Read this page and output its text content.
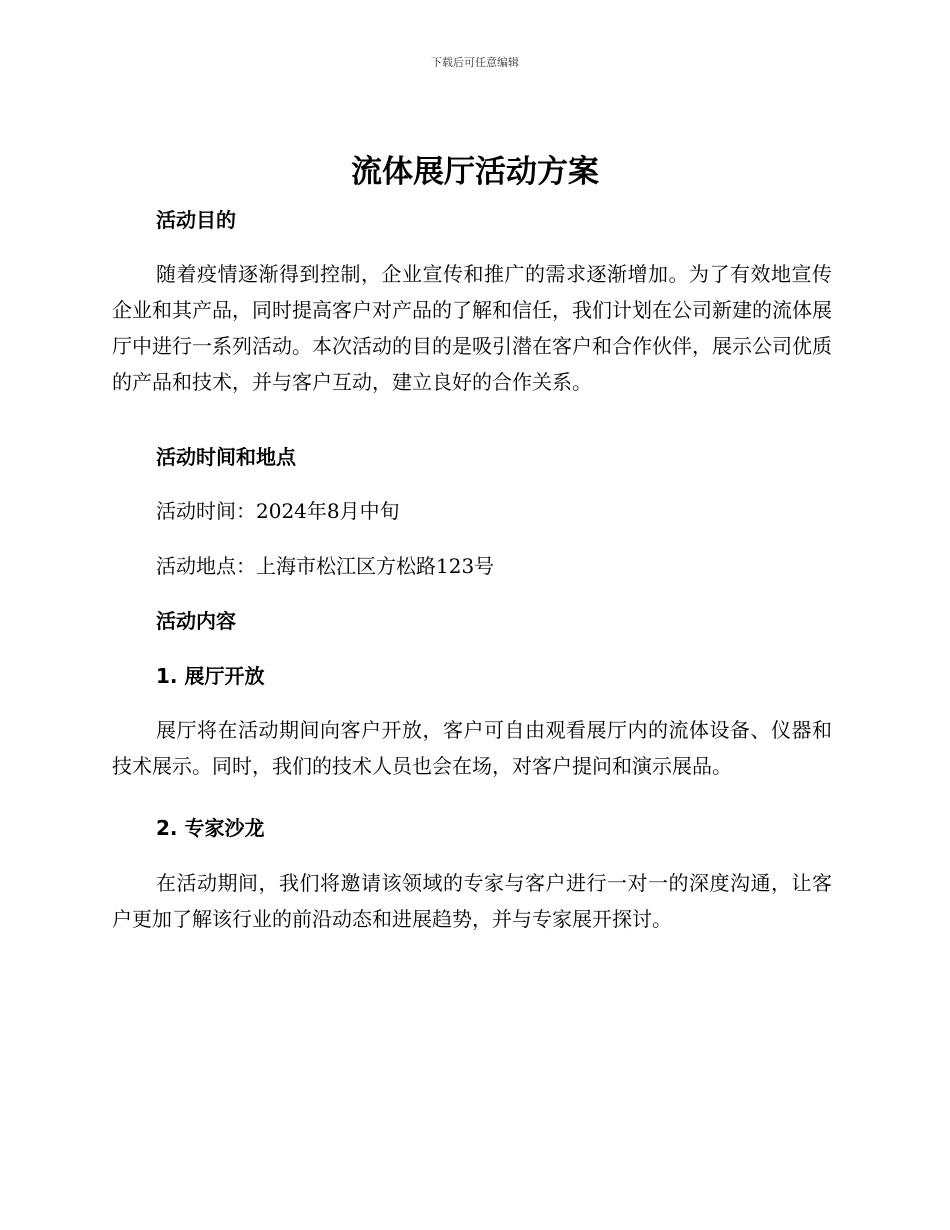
下载后可任意编辑
流体展厅活动方案
活动目的

随着疫情逐渐得到控制，企业宣传和推广的需求逐渐增加。为了有效地宣传企业和其产品，同时提高客户对产品的了解和信任，我们计划在公司新建的流体展厅中进行一系列活动。本次活动的目的是吸引潜在客户和合作伙伴，展示公司优质的产品和技术，并与客户互动，建立良好的合作关系。

活动时间和地点

活动时间：2024年8月中旬

活动地点：上海市松江区方松路123号

活动内容
1. 展厅开放

展厅将在活动期间向客户开放，客户可自由观看展厅内的流体设备、仪器和技术展示。同时，我们的技术人员也会在场，对客户提问和演示展品。

2. 专家沙龙

在活动期间，我们将邀请该领域的专家与客户进行一对一的深度沟通，让客户更加了解该行业的前沿动态和进展趋势，并与专家展开探讨。
